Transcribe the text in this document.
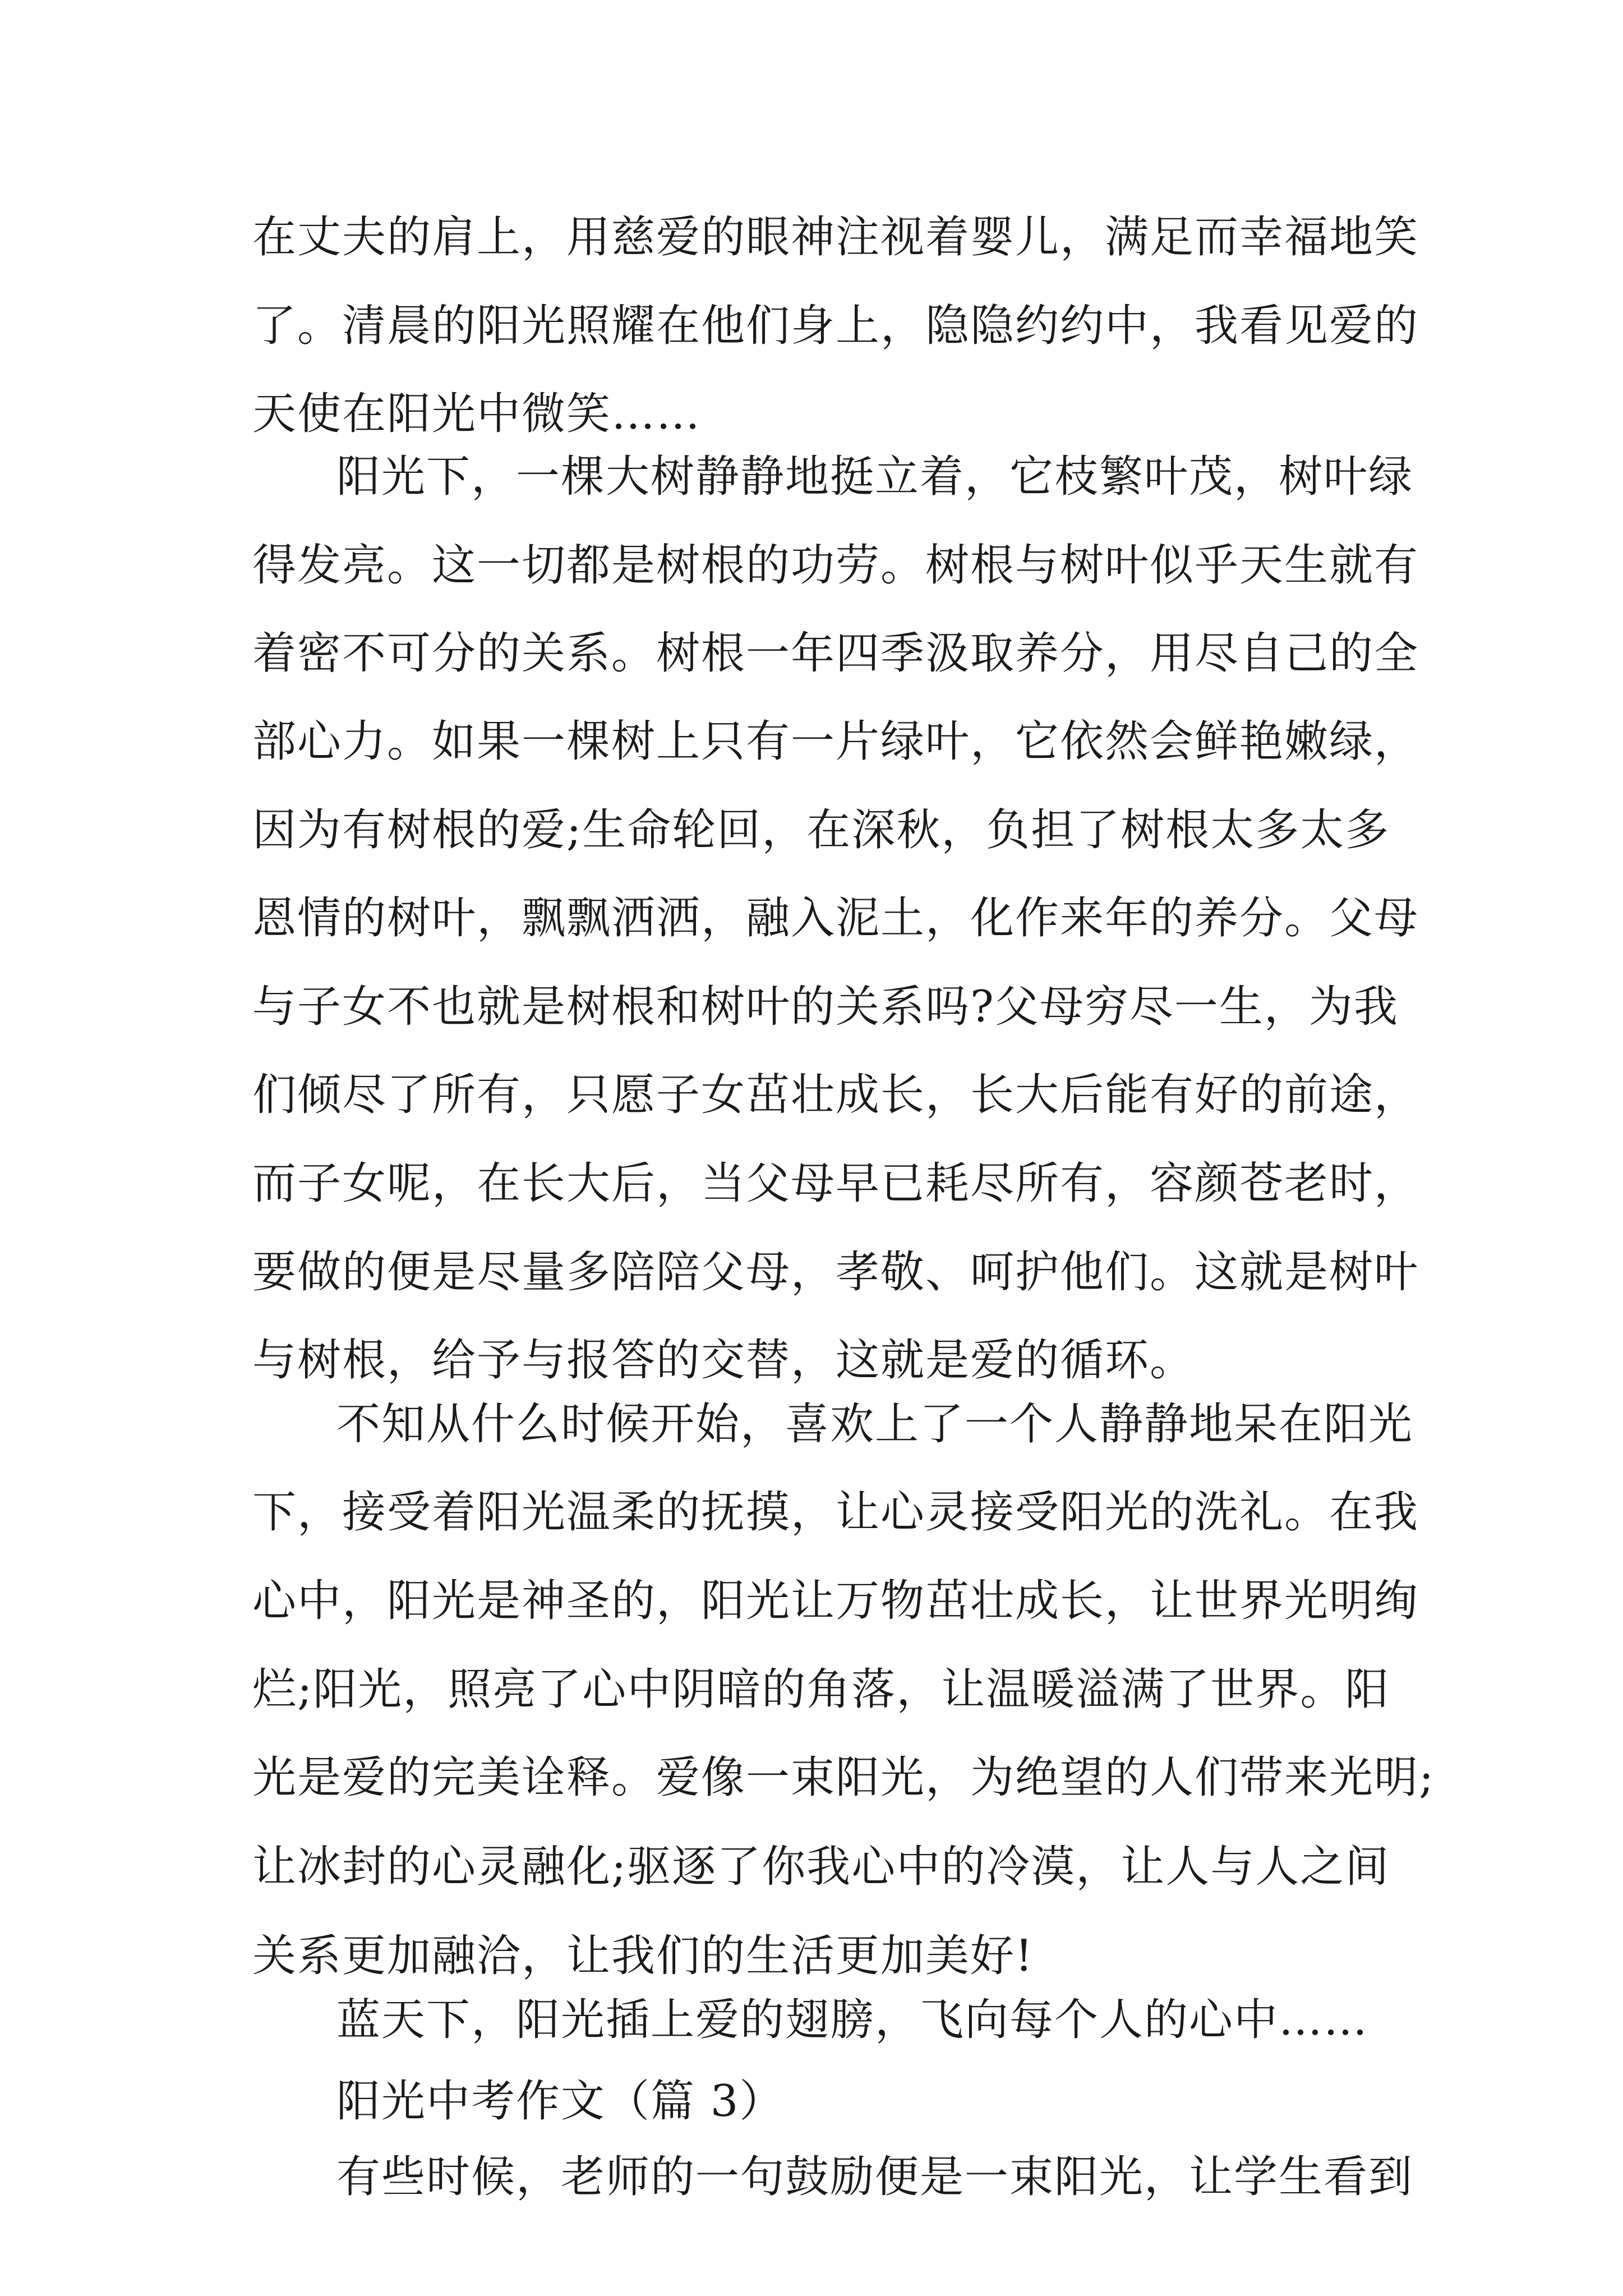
在丈夫的肩上，用慈爱的眼神注视着婴儿，满足而幸福地笑
了。清晨的阳光照耀在他们身上，隐隐约约中，我看见爱的
天使在阳光中微笑……
阳光下，一棵大树静静地挺立着，它枝繁叶茂，树叶绿
得发亮。这一切都是树根的功劳。树根与树叶似乎天生就有
着密不可分的关系。树根一年四季汲取养分，用尽自己的全
部心力。如果一棵树上只有一片绿叶，它依然会鲜艳嫩绿，
因为有树根的爱;生命轮回，在深秋，负担了树根太多太多
恩情的树叶，飘飘洒洒，融入泥土，化作来年的养分。父母
与子女不也就是树根和树叶的关系吗?父母穷尽一生，为我
们倾尽了所有，只愿子女茁壮成长，长大后能有好的前途，
而子女呢，在长大后，当父母早已耗尽所有，容颜苍老时，
要做的便是尽量多陪陪父母，孝敬、呵护他们。这就是树叶
与树根，给予与报答的交替，这就是爱的循环。
不知从什么时候开始，喜欢上了一个人静静地呆在阳光
下，接受着阳光温柔的抚摸，让心灵接受阳光的洗礼。在我
心中，阳光是神圣的，阳光让万物茁壮成长，让世界光明绚
烂;阳光，照亮了心中阴暗的角落，让温暖溢满了世界。阳
光是爱的完美诠释。爱像一束阳光，为绝望的人们带来光明;
让冰封的心灵融化;驱逐了你我心中的冷漠，让人与人之间
关系更加融洽，让我们的生活更加美好!
蓝天下，阳光插上爱的翅膀，飞向每个人的心中……
阳光中考作文（篇 3）
有些时候，老师的一句鼓励便是一束阳光，让学生看到
